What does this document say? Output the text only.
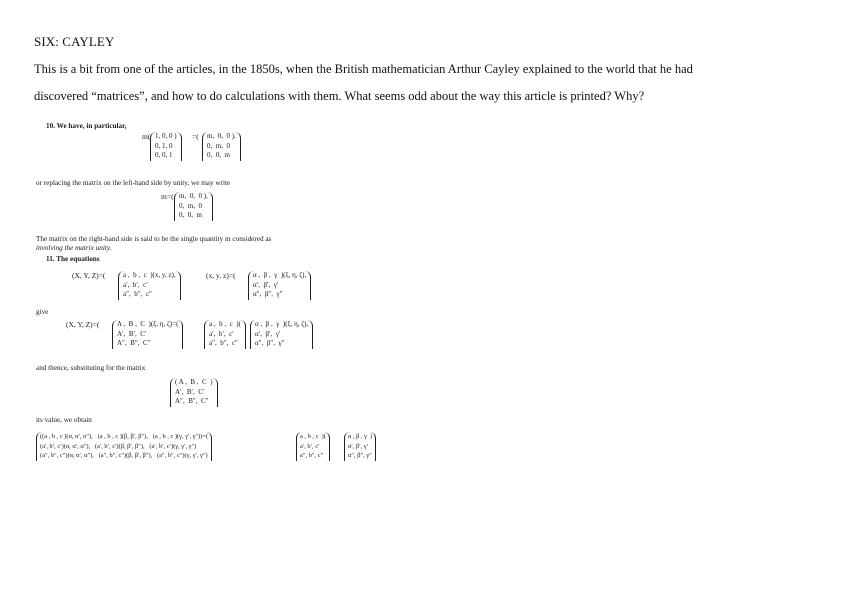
SIX: CAYLEY

This is a bit from one of the articles, in the 1850s, when the British mathematician Arthur Cayley explained to the world that he had

discovered “matrices”, and how to do calculations with them. What seems odd about the way this article is printed? Why?

10. We have, in particular,
m( 1, 0, 0 )
0, 1, 0
0, 0, 1
=(	m,  0,  0 ),
0,  m,  0
0,  0,  m
or replacing the matrix on the left-hand side by unity, we may write
m=( m,  0,  0 ),
0,  m,  0
0,  0,  m
The matrix on the right-hand side is said to be the single quantity m considered as
involving the matrix unity.
11. The equations
(X, Y, Z)=(	a ,  b ,  c  )(x, y, z),
a′,  b′,  c′
a″,  b″,  c″
(x, y, z)=(	α ,  β ,  γ  )(ξ, η, ζ),
α′,  β′,  γ′
α″,  β″,  γ″
give
(X, Y, Z)=(	A ,  B ,  C  )(ξ, η, ζ)=(
A′,  B′,  C′
A″,  B″,  C″
a ,  b ,  c  )(
a′,  b′,  c′
a″,  b″,  c″
α ,  β ,  γ  )(ξ, η, ζ),
α′,  β′,  γ′
α″,  β″,  γ″
and thence, substituting for the matrix
( A ,  B ,  C  )
A′,  B′,  C′
A″,  B″,  C″
its value, we obtain
((a , b , c )(α, α′, α″),   (a , b , c )(β, β′, β″),   (a , b , c )(γ, γ′, γ″))=(
(a′, b′, c′)(α, α′, α″),   (a′, b′, c′)(β, β′, β″),   (a′, b′, c′)(γ, γ′, γ″)
(a″, b″, c″)(α, α′, α″),   (a″, b″, c″)(β, β′, β″),   (a″, b″, c″)(γ, γ′, γ″)
a , b , c  )(
a′, b′, c′
a″, b″, c″
α , β , γ  )
α′, β′, γ′
α″, β″, γ″
